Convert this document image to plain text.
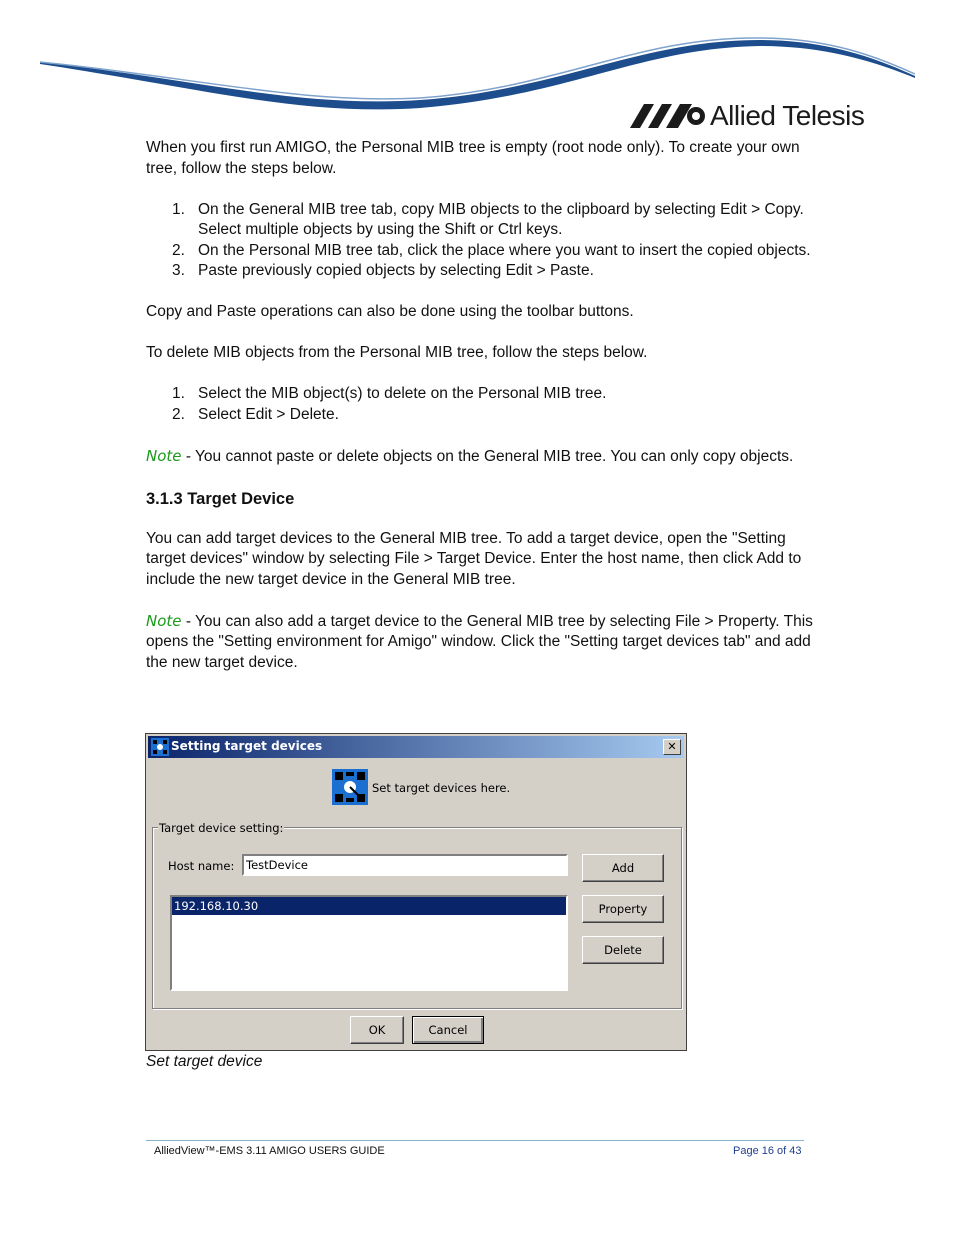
Allied Telesis

When you first run AMIGO, the Personal MIB tree is empty (root node only). To create your own tree, follow the steps below.

1. On the General MIB tree tab, copy MIB objects to the clipboard by selecting Edit > Copy. Select multiple objects by using the Shift or Ctrl keys.
2. On the Personal MIB tree tab, click the place where you want to insert the copied objects.
3. Paste previously copied objects by selecting Edit > Paste.

Copy and Paste operations can also be done using the toolbar buttons.

To delete MIB objects from the Personal MIB tree, follow the steps below.

1. Select the MIB object(s) to delete on the Personal MIB tree.
2. Select Edit > Delete.

Note - You cannot paste or delete objects on the General MIB tree. You can only copy objects.

3.1.3 Target Device

You can add target devices to the General MIB tree. To add a target device, open the "Setting target devices" window by selecting File > Target Device. Enter the host name, then click Add to include the new target device in the General MIB tree.

Note - You can also add a target device to the General MIB tree by selecting File > Property. This opens the "Setting environment for Amigo" window. Click the "Setting target devices tab" and add the new target device.

Setting target devices	✕
Set target devices here.
Target device setting:
Host name:
TestDevice
192.168.10.30
Add
Property
Delete
OK	Cancel
Set target device
AlliedView™-EMS 3.11 AMIGO USERS GUIDE	Page 16 of 43
